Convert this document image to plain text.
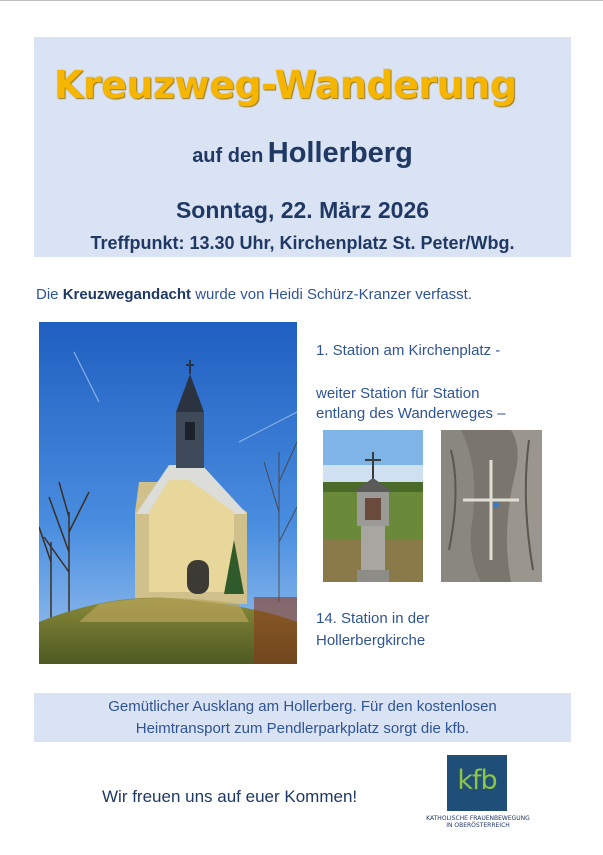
Kreuzweg-Wanderung
auf den Hollerberg
Sonntag, 22. März 2026
Treffpunkt: 13.30 Uhr, Kirchenplatz St. Peter/Wbg.
Die Kreuzwegandacht wurde von Heidi Schürz-Kranzer verfasst.
1. Station am Kirchenplatz -
weiter Station für Station
entlang des Wanderweges –
14. Station in der
Hollerbergkirche
Gemütlicher Ausklang am Hollerberg. Für den kostenlosen
Heimtransport zum Pendlerparkplatz sorgt die kfb.
Wir freuen uns auf euer Kommen!
kfb
KATHOLISCHE FRAUENBEWEGUNG
IN OBERÖSTERREICH
